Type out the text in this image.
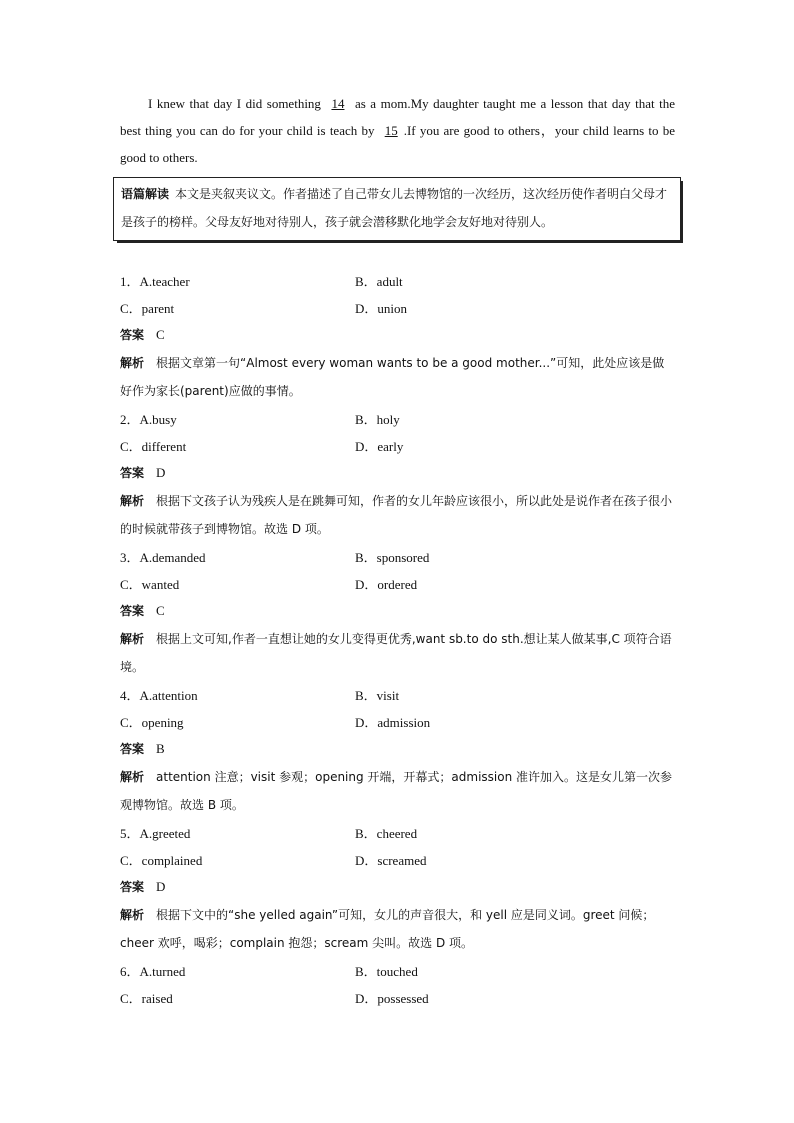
I knew that day I did something 14 as a mom.My daughter taught me a lesson that day that the best thing you can do for your child is teach by 15 .If you are good to others，your child learns to be good to others.

语篇解读 本文是夹叙夹议文。作者描述了自己带女儿去博物馆的一次经历，这次经历使作者明白父母才是孩子的榜样。父母友好地对待别人，孩子就会潜移默化地学会友好地对待别人。
1．A.teacher	B．adult
C．parent	D．union
答案 C
解析 根据文章第一句“Almost every woman wants to be a good mother...”可知，此处应该是做好作为家长(parent)应做的事情。
2．A.busy	B．holy
C．different	D．early
答案 D
解析 根据下文孩子认为残疾人是在跳舞可知，作者的女儿年龄应该很小，所以此处是说作者在孩子很小的时候就带孩子到博物馆。故选 D 项。
3．A.demanded	B．sponsored
C．wanted	D．ordered
答案 C
解析 根据上文可知,作者一直想让她的女儿变得更优秀,want sb.to do sth.想让某人做某事,C 项符合语境。
4．A.attention	B．visit
C．opening	D．admission
答案 B
解析 attention 注意；visit 参观；opening 开端，开幕式；admission 准许加入。这是女儿第一次参观博物馆。故选 B 项。
5．A.greeted	B．cheered
C．complained	D．screamed
答案 D
解析 根据下文中的“she yelled again”可知，女儿的声音很大，和 yell 应是同义词。greet 问候；cheer 欢呼，喝彩；complain 抱怨；scream 尖叫。故选 D 项。
6．A.turned	B．touched
C．raised	D．possessed
